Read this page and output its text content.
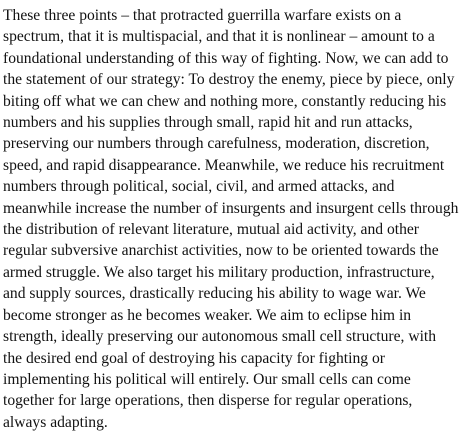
These three points – that protracted guerrilla warfare exists on a
spectrum, that it is multispacial, and that it is nonlinear – amount to a
foundational understanding of this way of fighting. Now, we can add to
the statement of our strategy: To destroy the enemy, piece by piece, only
biting off what we can chew and nothing more, constantly reducing his
numbers and his supplies through small, rapid hit and run attacks,
preserving our numbers through carefulness, moderation, discretion,
speed, and rapid disappearance. Meanwhile, we reduce his recruitment
numbers through political, social, civil, and armed attacks, and
meanwhile increase the number of insurgents and insurgent cells through
the distribution of relevant literature, mutual aid activity, and other
regular subversive anarchist activities, now to be oriented towards the
armed struggle. We also target his military production, infrastructure,
and supply sources, drastically reducing his ability to wage war. We
become stronger as he becomes weaker. We aim to eclipse him in
strength, ideally preserving our autonomous small cell structure, with
the desired end goal of destroying his capacity for fighting or
implementing his political will entirely. Our small cells can come
together for large operations, then disperse for regular operations,
always adapting.
